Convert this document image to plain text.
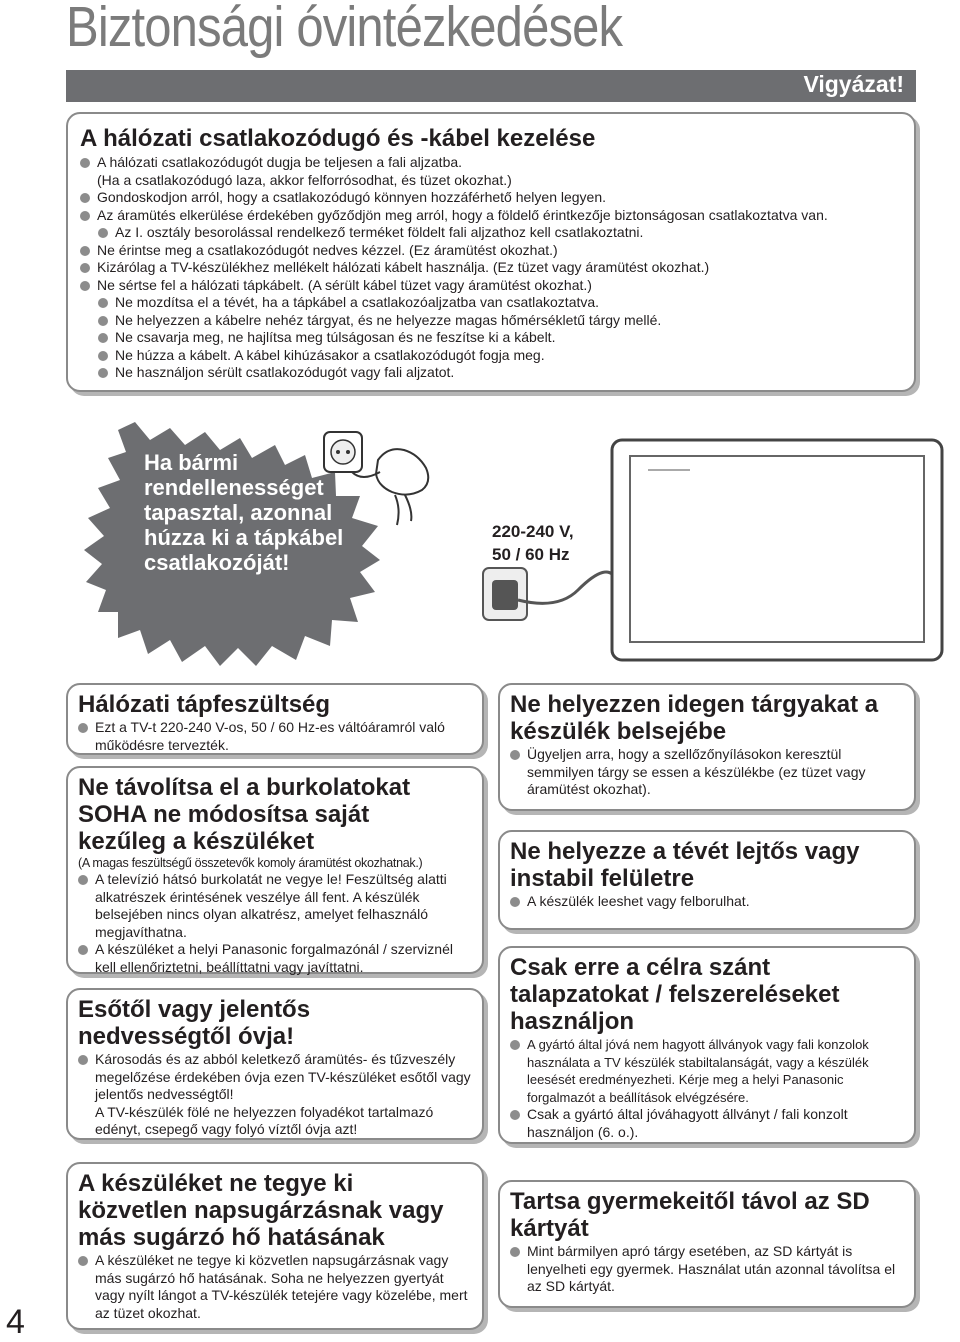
Biztonsági óvintézkedések
Vigyázat!
A hálózati csatlakozódugó és -kábel kezelése
A hálózati csatlakozódugót dugja be teljesen a fali aljzatba.
(Ha a csatlakozódugó laza, akkor felforrósodhat, és tüzet okozhat.)
Gondoskodjon arról, hogy a csatlakozódugó könnyen hozzáférhető helyen legyen.
Az áramütés elkerülése érdekében győződjön meg arról, hogy a földelő érintkezője biztonságosan csatlakoztatva van.
Az I. osztály besorolással rendelkező terméket földelt fali aljzathoz kell csatlakoztatni.
Ne érintse meg a csatlakozódugót nedves kézzel. (Ez áramütést okozhat.)
Kizárólag a TV-készülékhez mellékelt hálózati kábelt használja. (Ez tüzet vagy áramütést okozhat.)
Ne sértse fel a hálózati tápkábelt. (A sérült kábel tüzet vagy áramütést okozhat.)
Ne mozdítsa el a tévét, ha a tápkábel a csatlakozóaljzatba van csatlakoztatva.
Ne helyezzen a kábelre nehéz tárgyat, és ne helyezze magas hőmérsékletű tárgy mellé.
Ne csavarja meg, ne hajlítsa meg túlságosan és ne feszítse ki a kábelt.
Ne húzza a kábelt. A kábel kihúzásakor a csatlakozódugót fogja meg.
Ne használjon sérült csatlakozódugót vagy fali aljzatot.
Ha bármi
rendellenességet
tapasztal, azonnal
húzza ki a tápkábel
csatlakozóját!
220-240 V,
50 / 60 Hz
Hálózati tápfeszültség
Ezt a TV-t 220-240 V-os, 50 / 60 Hz-es váltóáramról való működésre tervezték.
Ne távolítsa el a burkolatokat
SOHA ne módosítsa saját
kezűleg a készüléket
(A magas feszültségű összetevők komoly áramütést okozhatnak.)
A televízió hátsó burkolatát ne vegye le! Feszültség alatti alkatrészek érintésének veszélye áll fent. A készülék belsejében nincs olyan alkatrész, amelyet felhasználó megjavíthatna.
A készüléket a helyi Panasonic forgalmazónál / szerviznél kell ellenőriztetni, beállíttatni vagy javíttatni.
Esőtől vagy jelentős
nedvességtől óvja!
Károsodás és az abból keletkező áramütés- és tűzveszély megelőzése érdekében óvja ezen TV-készüléket esőtől vagy jelentős nedvességtől!
A TV-készülék fölé ne helyezzen folyadékot tartalmazó edényt, csepegő vagy folyó víztől óvja azt!
A készüléket ne tegye ki
közvetlen napsugárzásnak vagy
más sugárzó hő hatásának
A készüléket ne tegye ki közvetlen napsugárzásnak vagy más sugárzó hő hatásának. Soha ne helyezzen gyertyát vagy nyílt lángot a TV-készülék tetejére vagy közelébe, mert az tüzet okozhat.
Ne helyezzen idegen tárgyakat a
készülék belsejébe
Ügyeljen arra, hogy a szellőzőnyílásokon keresztül semmilyen tárgy se essen a készülékbe (ez tüzet vagy áramütést okozhat).
Ne helyezze a tévét lejtős vagy
instabil felületre
A készülék leeshet vagy felborulhat.
Csak erre a célra szánt
talapzatokat / felszereléseket
használjon
A gyártó által jóvá nem hagyott állványok vagy fali konzolok használata a TV készülék stabiltalanságát, vagy a készülék leesését eredményezheti. Kérje meg a helyi Panasonic forgalmazót a beállítások elvégzésére.
Csak a gyártó által jóváhagyott állványt / fali konzolt használjon (6. o.).
Tartsa gyermekeitől távol az SD
kártyát
Mint bármilyen apró tárgy esetében, az SD kártyát is lenyelheti egy gyermek. Használat után azonnal távolítsa el az SD kártyát.
4
